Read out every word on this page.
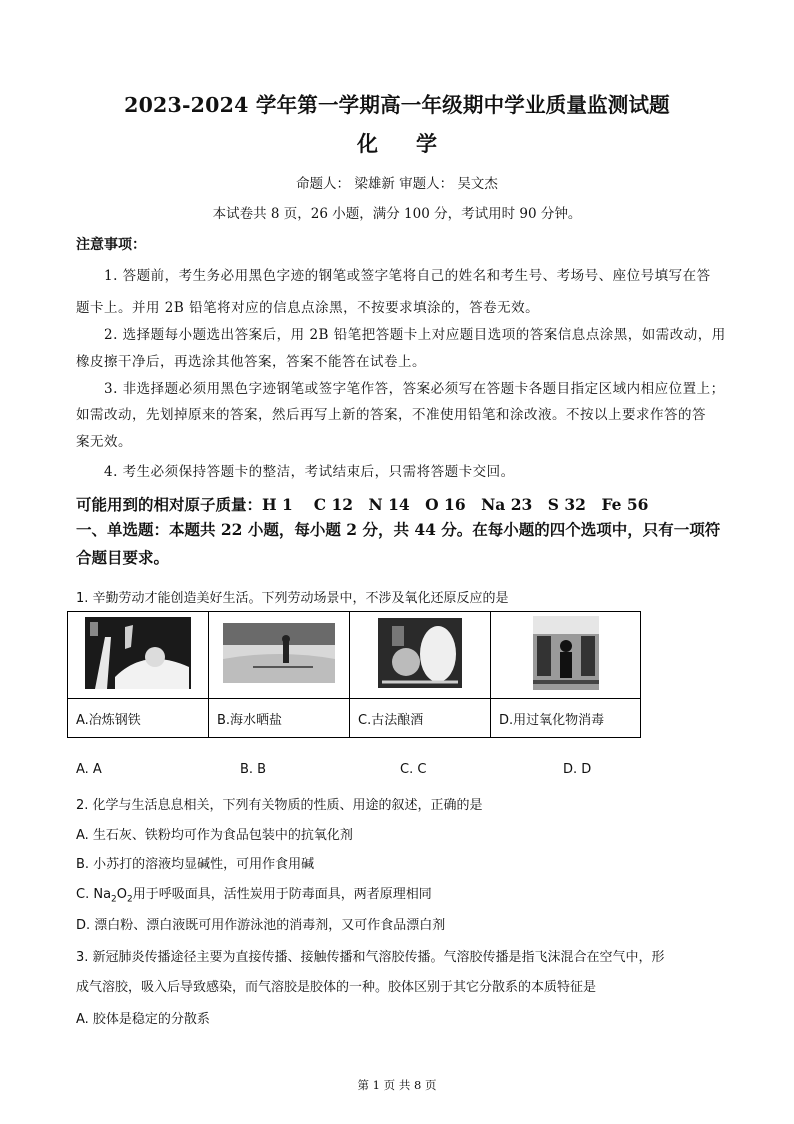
2023-2024 学年第一学期高一年级期中学业质量监测试题
化学
命题人： 梁雄新 审题人： 吴文杰
本试卷共 8 页，26 小题，满分 100 分，考试用时 90 分钟。
注意事项：
1. 答题前，考生务必用黑色字迹的钢笔或签字笔将自己的姓名和考生号、考场号、座位号填写在答
题卡上。并用 2B 铅笔将对应的信息点涂黑，不按要求填涂的，答卷无效。
2. 选择题每小题选出答案后，用 2B 铅笔把答题卡上对应题目选项的答案信息点涂黑，如需改动，用
橡皮擦干净后，再选涂其他答案，答案不能答在试卷上。
3. 非选择题必须用黑色字迹钢笔或签字笔作答，答案必须写在答题卡各题目指定区域内相应位置上；
如需改动，先划掉原来的答案，然后再写上新的答案，不准使用铅笔和涂改液。不按以上要求作答的答
案无效。
4. 考生必须保持答题卡的整洁，考试结束后，只需将答题卡交回。
可能用到的相对原子质量：H 1　 C 12　N 14　O 16　Na 23　S 32　Fe 56
一、单选题：本题共 22 小题，每小题 2 分，共 44 分。在每小题的四个选项中，只有一项符
合题目要求。
1. 辛勤劳动才能创造美好生活。下列劳动场景中，不涉及氧化还原反应的是

A.冶炼钢铁	B.海水晒盐	C.古法酿酒	D.用过氧化物消毒
A. A	B. B	C. C	D. D
2. 化学与生活息息相关，下列有关物质的性质、用途的叙述，正确的是
A. 生石灰、铁粉均可作为食品包装中的抗氧化剂
B. 小苏打的溶液均显碱性，可用作食用碱
C. $Na_2O_2$用于呼吸面具，活性炭用于防毒面具，两者原理相同
D. 漂白粉、漂白液既可用作游泳池的消毒剂，又可作食品漂白剂
3. 新冠肺炎传播途径主要为直接传播、接触传播和气溶胶传播。气溶胶传播是指飞沫混合在空气中，形
成气溶胶，吸入后导致感染，而气溶胶是胶体的一种。胶体区别于其它分散系的本质特征是
A. 胶体是稳定的分散系
第 1 页 共 8 页
